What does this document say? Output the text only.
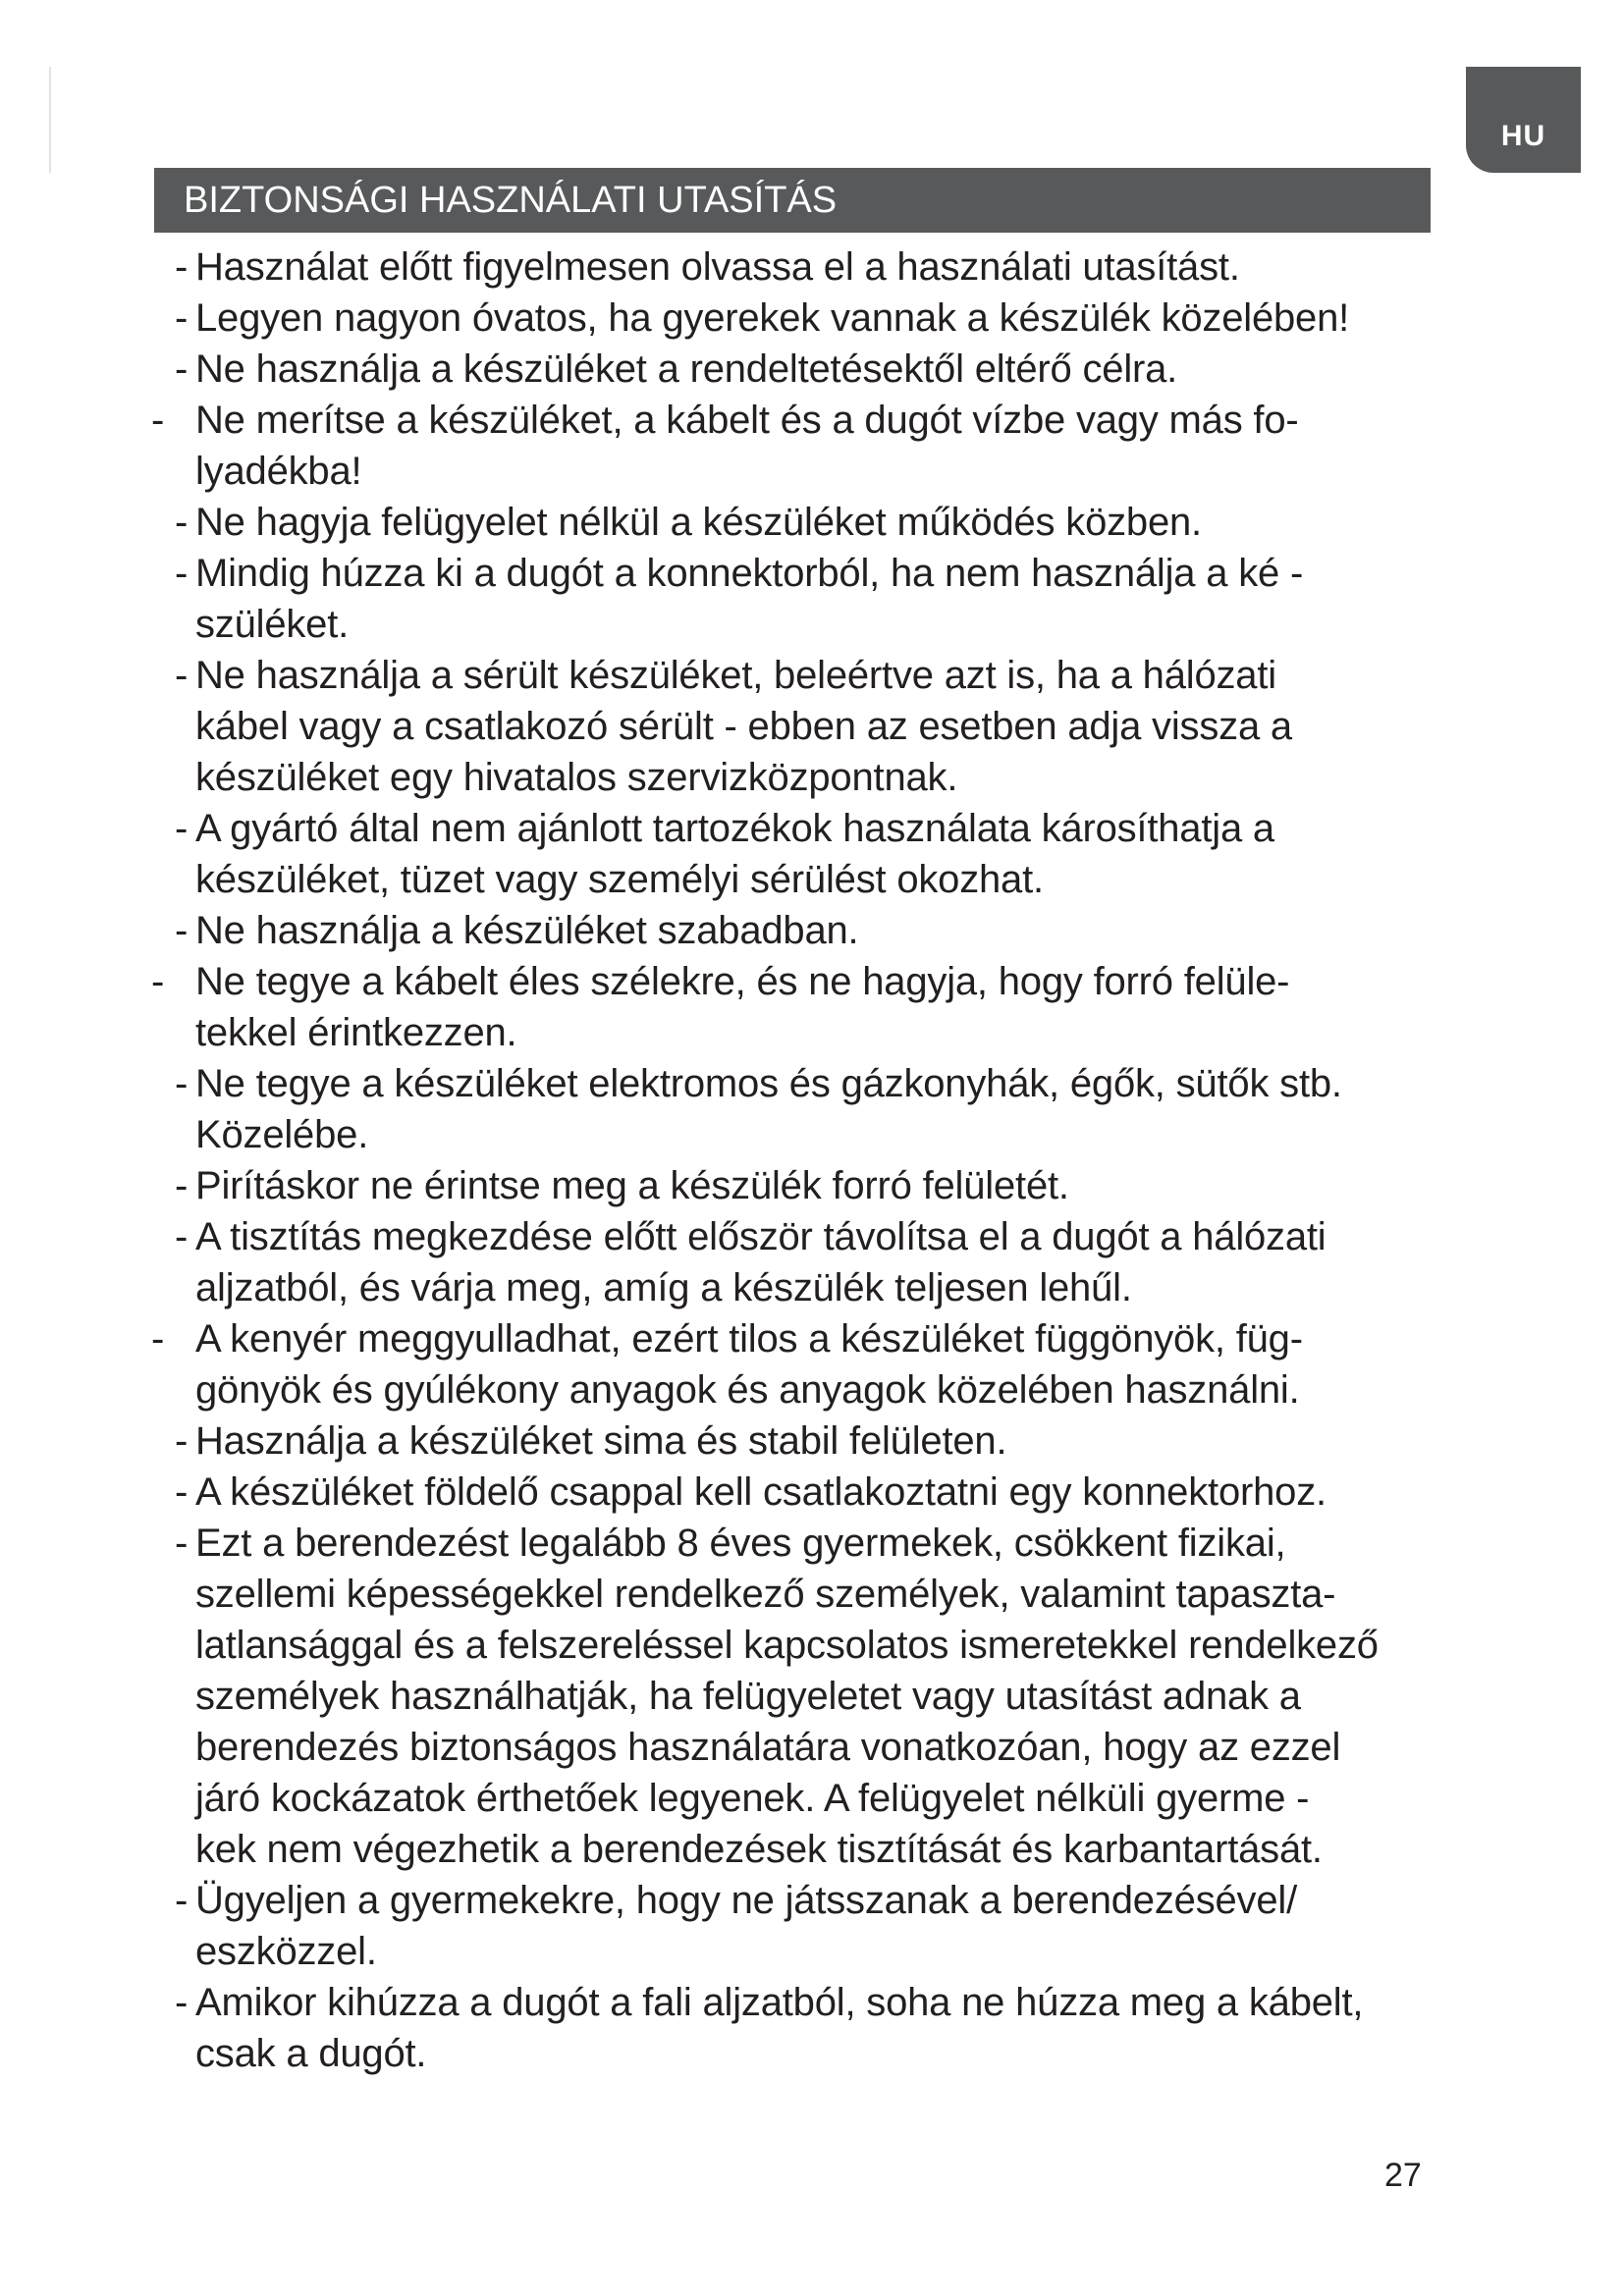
HU
BIZTONSÁGI HASZNÁLATI UTASÍTÁS
- Használat előtt figyelmesen olvassa el a használati utasítást.
- Legyen nagyon óvatos, ha gyerekek vannak a készülék közelében!
- Ne használja a készüléket a rendeltetésektől eltérő célra.
- Ne merítse a készüléket, a kábelt és a dugót vízbe vagy más fo-
lyadékba!
- Ne hagyja felügyelet nélkül a készüléket működés közben.
- Mindig húzza ki a dugót a konnektorból, ha nem használja a ké -
szüléket.
- Ne használja a sérült készüléket, beleértve azt is, ha a hálózati
kábel vagy a csatlakozó sérült - ebben az esetben adja vissza a
készüléket egy hivatalos szervizközpontnak.
- A gyártó által nem ajánlott tartozékok használata károsíthatja a
készüléket, tüzet vagy személyi sérülést okozhat.
- Ne használja a készüléket szabadban.
- Ne tegye a kábelt éles szélekre, és ne hagyja, hogy forró felüle-
tekkel érintkezzen.
- Ne tegye a készüléket elektromos és gázkonyhák, égők, sütők stb.
Közelébe.
- Pirításkor ne érintse meg a készülék forró felületét.
- A tisztítás megkezdése előtt először távolítsa el a dugót a hálózati
aljzatból, és várja meg, amíg a készülék teljesen lehűl.
- A kenyér meggyulladhat, ezért tilos a készüléket függönyök, füg-
gönyök és gyúlékony anyagok és anyagok közelében használni.
- Használja a készüléket sima és stabil felületen.
- A készüléket földelő csappal kell csatlakoztatni egy konnektorhoz.
- Ezt a berendezést legalább 8 éves gyermekek, csökkent fizikai,
szellemi képességekkel rendelkező személyek, valamint tapaszta-
latlansággal és a felszereléssel kapcsolatos ismeretekkel rendelkező
személyek használhatják, ha felügyeletet vagy utasítást adnak a
berendezés biztonságos használatára vonatkozóan, hogy az ezzel
járó kockázatok érthetőek legyenek. A felügyelet nélküli gyerme -
kek nem végezhetik a berendezések tisztítását és karbantartását.
- Ügyeljen a gyermekekre, hogy ne játsszanak a berendezésével/
eszközzel.
- Amikor kihúzza a dugót a fali aljzatból, soha ne húzza meg a kábelt,
csak a dugót.
27
